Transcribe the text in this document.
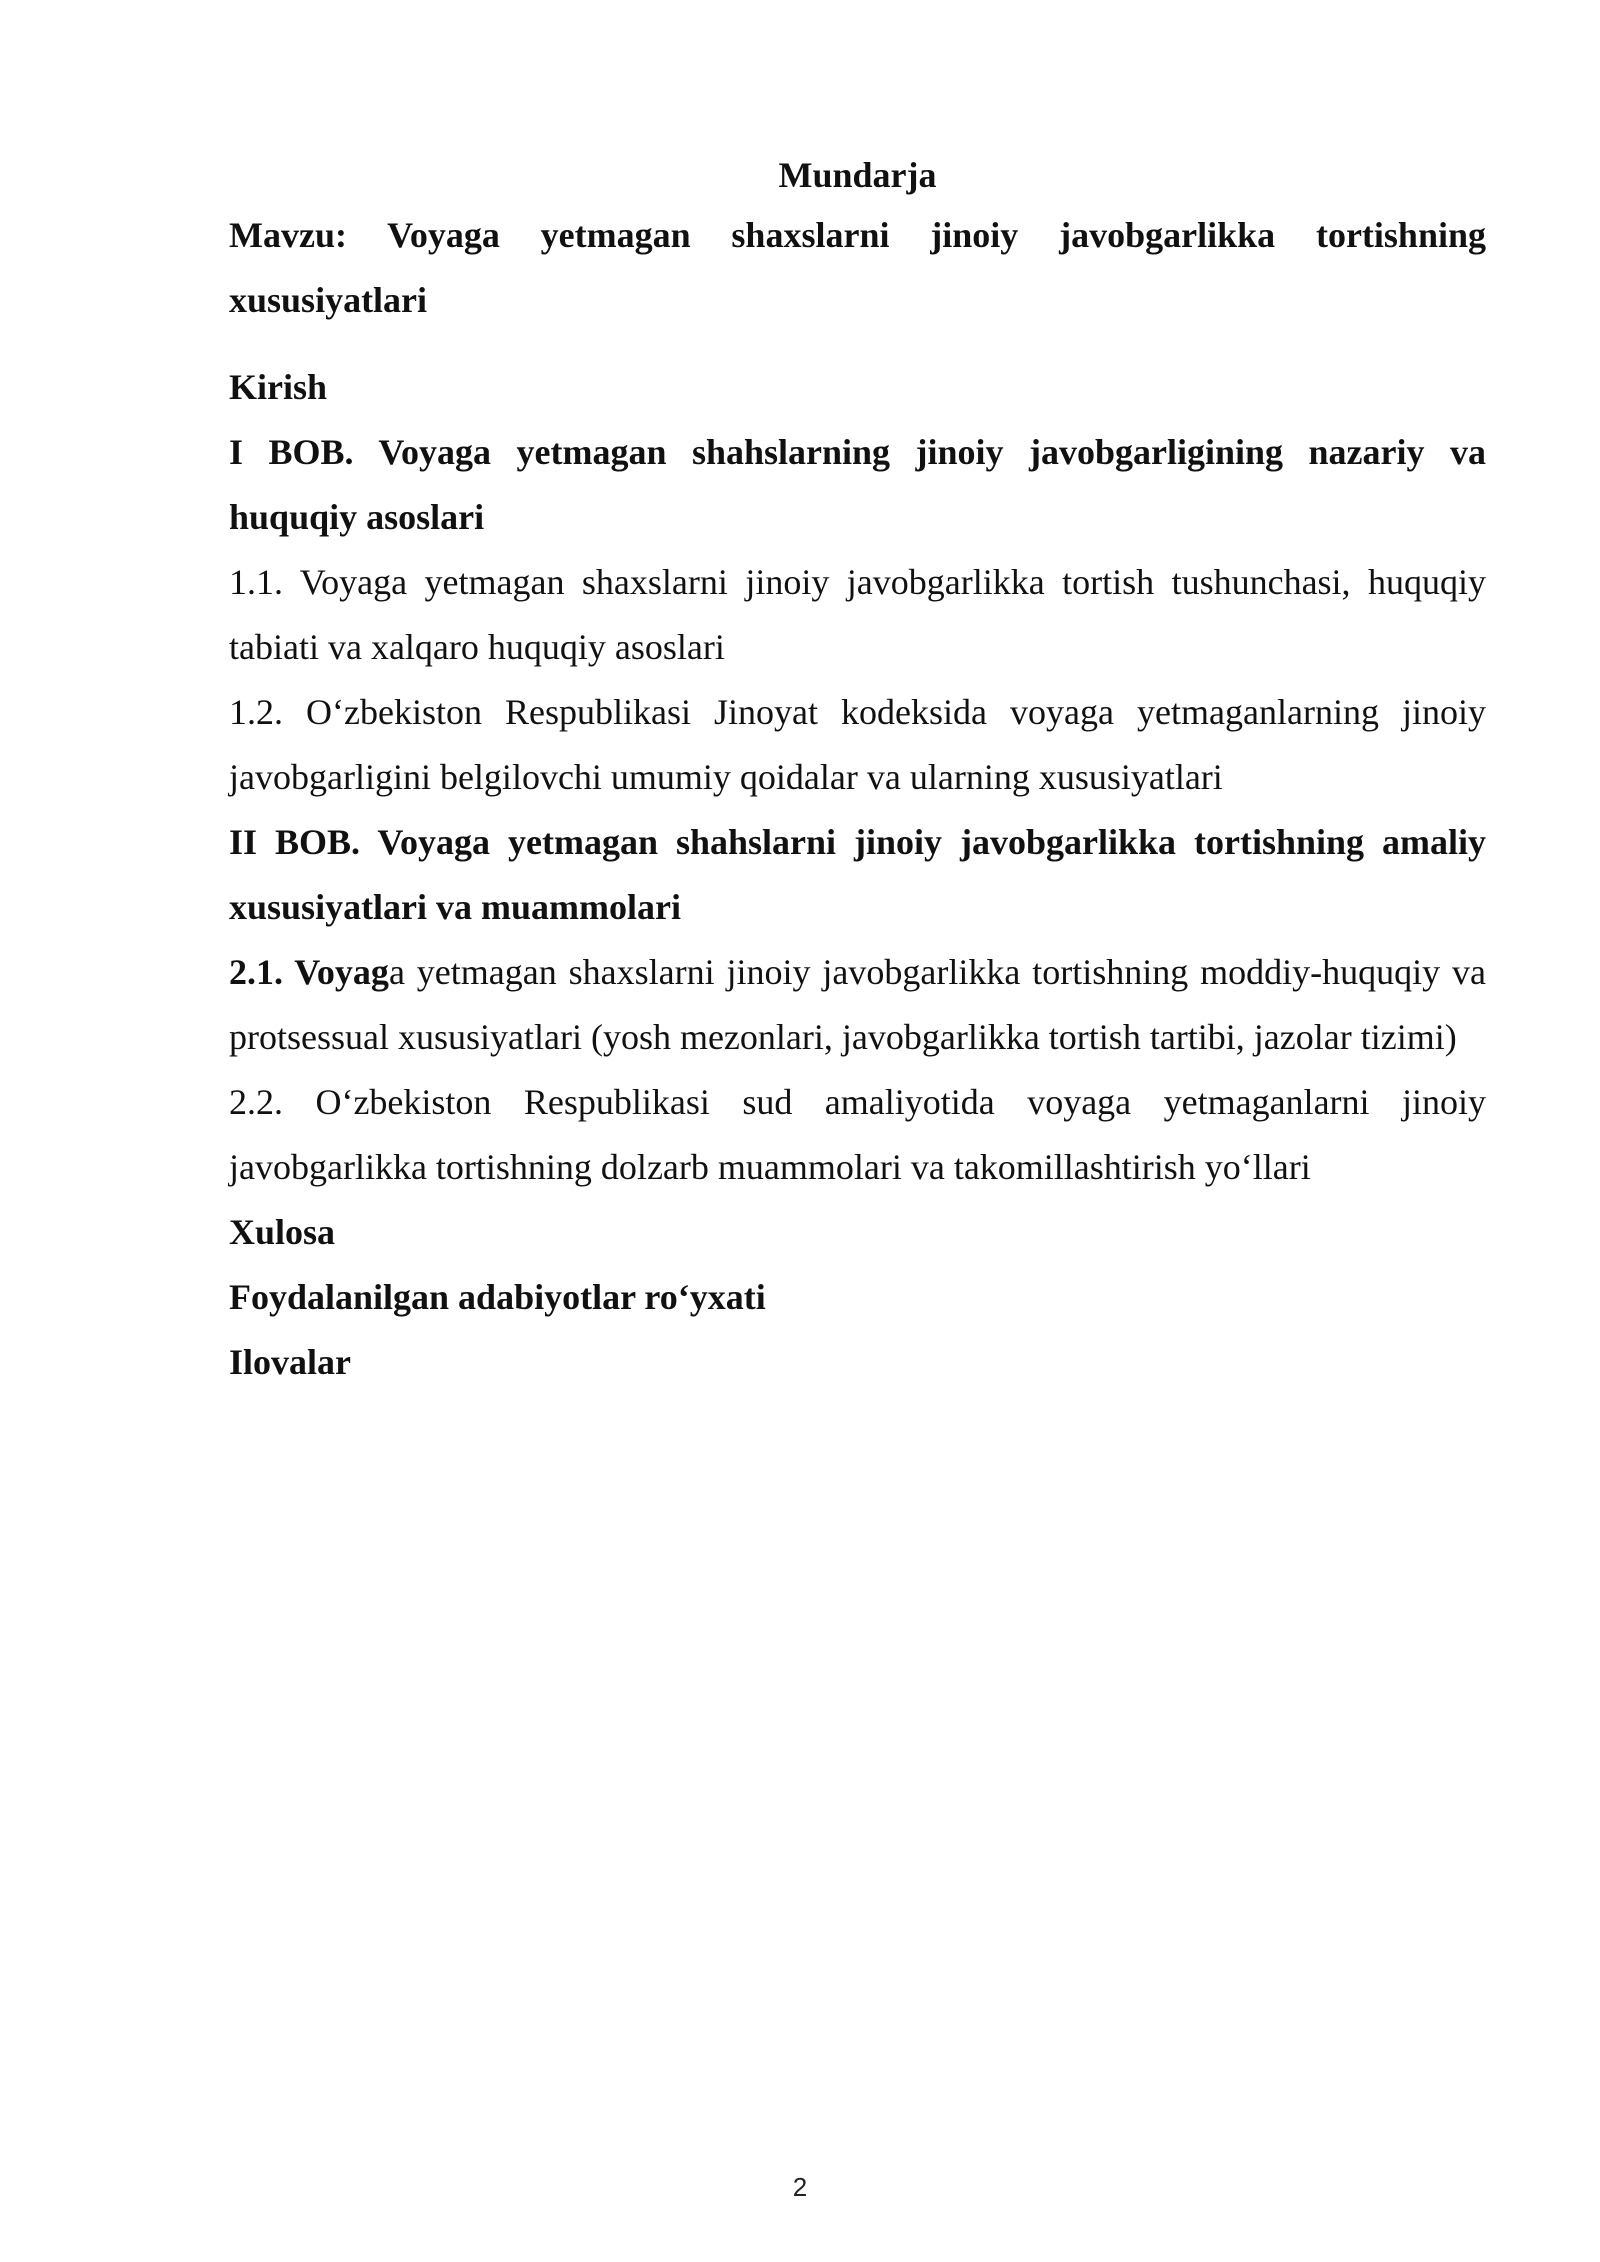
Mundarja

Mavzu: Voyaga yetmagan shaxslarni jinoiy javobgarlikka tortishning xususiyatlari

Kirish

I BOB. Voyaga yetmagan shahslarning jinoiy javobgarligining nazariy va huquqiy asoslari

1.1. Voyaga yetmagan shaxslarni jinoiy javobgarlikka tortish tushunchasi, huquqiy tabiati va xalqaro huquqiy asoslari

1.2. O‘zbekiston Respublikasi Jinoyat kodeksida voyaga yetmaganlarning jinoiy javobgarligini belgilovchi umumiy qoidalar va ularning xususiyatlari

II BOB. Voyaga yetmagan shahslarni jinoiy javobgarlikka tortishning amaliy xususiyatlari va muammolari

2.1. Voyaga yetmagan shaxslarni jinoiy javobgarlikka tortishning moddiy-huquqiy va protsessual xususiyatlari (yosh mezonlari, javobgarlikka tortish tartibi, jazolar tizimi)

2.2. O‘zbekiston Respublikasi sud amaliyotida voyaga yetmaganlarni jinoiy javobgarlikka tortishning dolzarb muammolari va takomillashtirish yo‘llari

Xulosa

Foydalanilgan adabiyotlar ro‘yxati

Ilovalar

2
